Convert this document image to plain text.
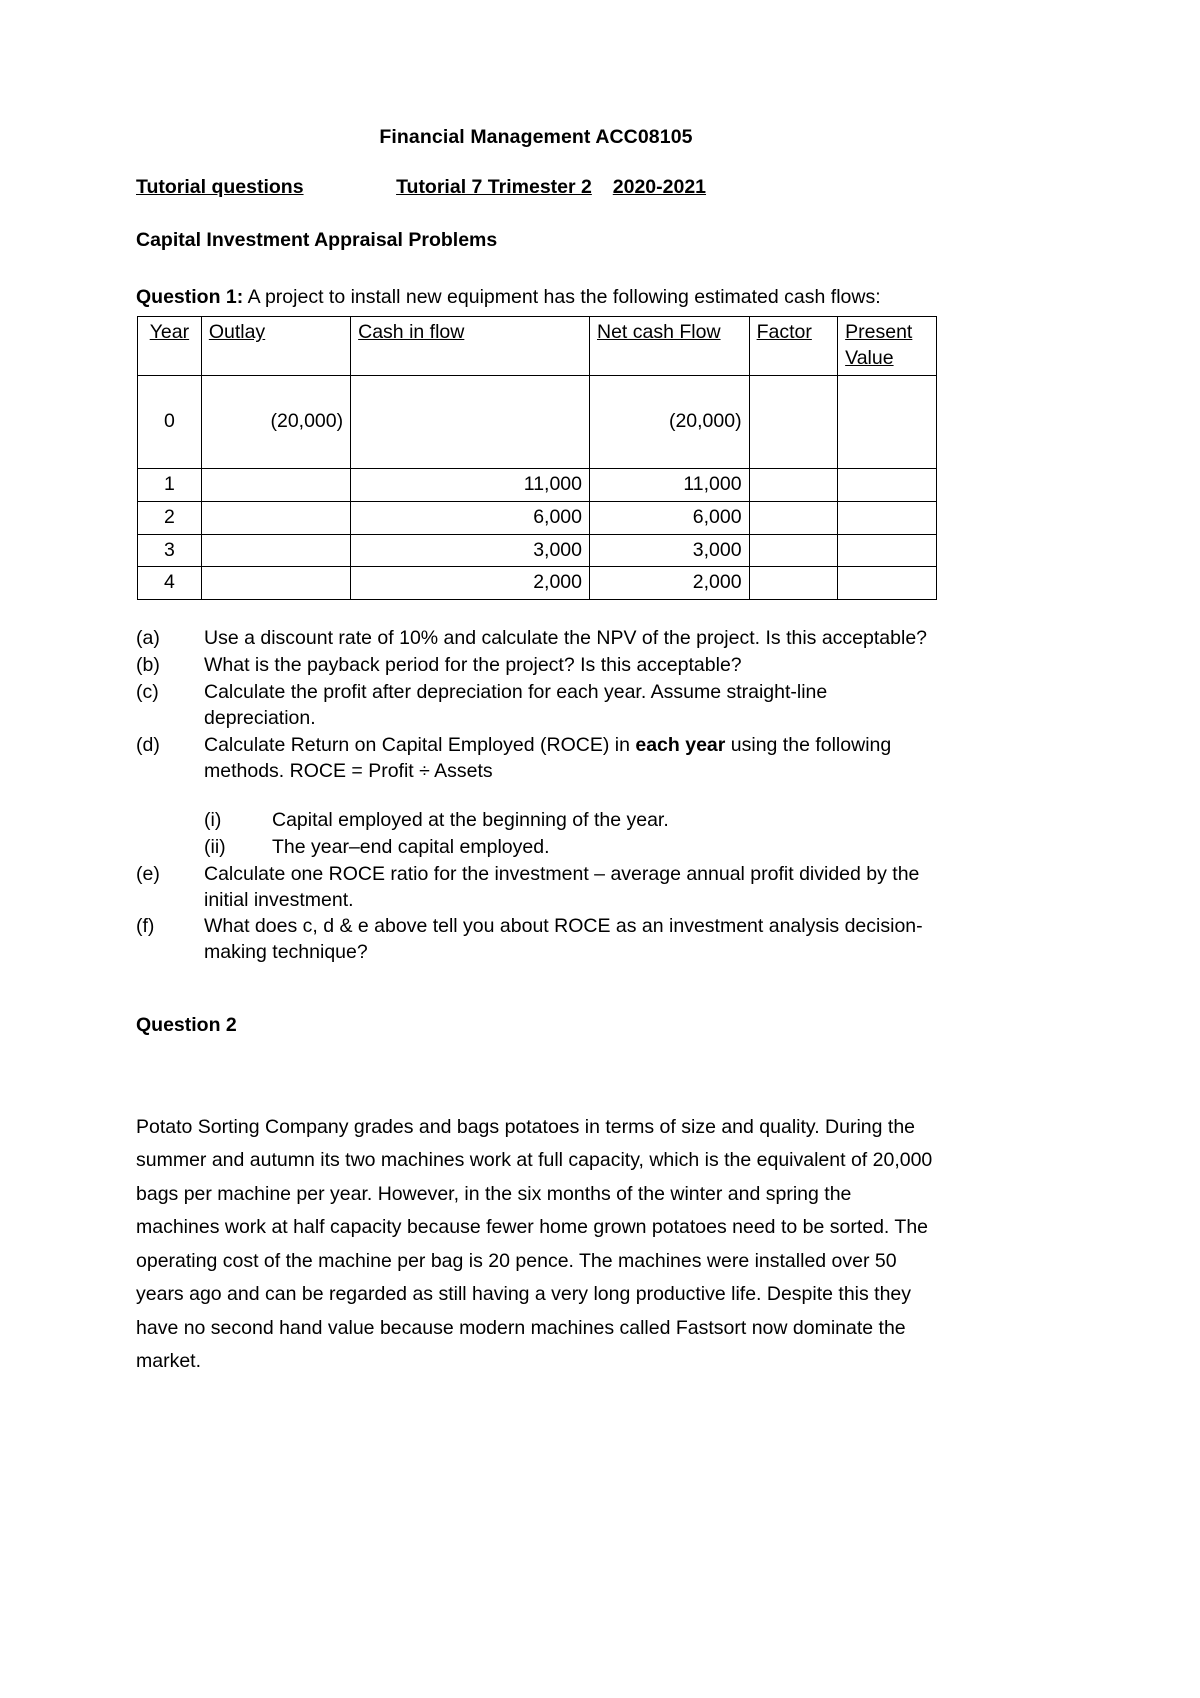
Financial Management ACC08105
Tutorial questions				Tutorial 7 Trimester 2	2020-2021
Capital Investment Appraisal Problems

Question 1: A project to install new equipment has the following estimated cash flows:

Year	Outlay	Cash in flow	Net cash Flow	Factor	Present Value
0	(20,000)		(20,000)		
1		11,000	11,000		
2		6,000	6,000		
3		3,000	3,000		
4		2,000	2,000		
(a)	Use a discount rate of 10% and calculate the NPV of the project. Is this acceptable?
(b)	What is the payback period for the project? Is this acceptable?
(c)	Calculate the profit after depreciation for each year. Assume straight-line depreciation.
(d)	Calculate Return on Capital Employed (ROCE) in each year using the following methods. ROCE = Profit ÷ Assets
(i)	Capital employed at the beginning of the year.
(ii)	The year–end capital employed.
(e)	Calculate one ROCE ratio for the investment – average annual profit divided by the initial investment.
(f)	What does c, d & e above tell you about ROCE as an investment analysis decision-making technique?
Question 2

Potato Sorting Company grades and bags potatoes in terms of size and quality. During the summer and autumn its two machines work at full capacity, which is the equivalent of 20,000 bags per machine per year. However, in the six months of the winter and spring the machines work at half capacity because fewer home grown potatoes need to be sorted. The operating cost of the machine per bag is 20 pence. The machines were installed over 50 years ago and can be regarded as still having a very long productive life. Despite this they have no second hand value because modern machines called Fastsort now dominate the market.
